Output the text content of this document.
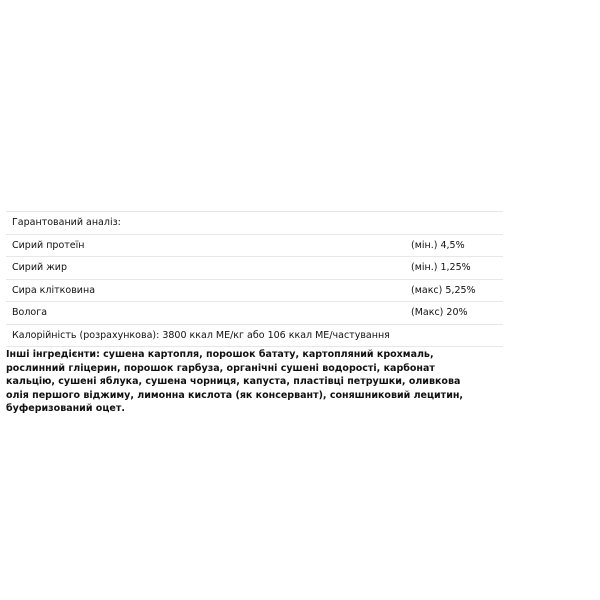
Гарантований аналіз:	
Сирий протеїн	(мін.) 4,5%
Сирий жир	(мін.) 1,25%
Сира клітковина	(макс) 5,25%
Вологa	(Макс) 20%
Калорійність (розрахункова): 3800 ккал МЕ/кг або 106 ккал МЕ/частування	

Інші інгредієнти: сушена картопля, порошок батату, картопляний крохмаль, рослинний гліцерин, порошок гарбуза, органічні сушені водорості, карбонат кальцію, сушені яблука, сушена чорниця, капуста, пластівці петрушки, оливкова олія першого віджиму, лимонна кислота (як консервант), соняшниковий лецитин, буферизований оцет.
